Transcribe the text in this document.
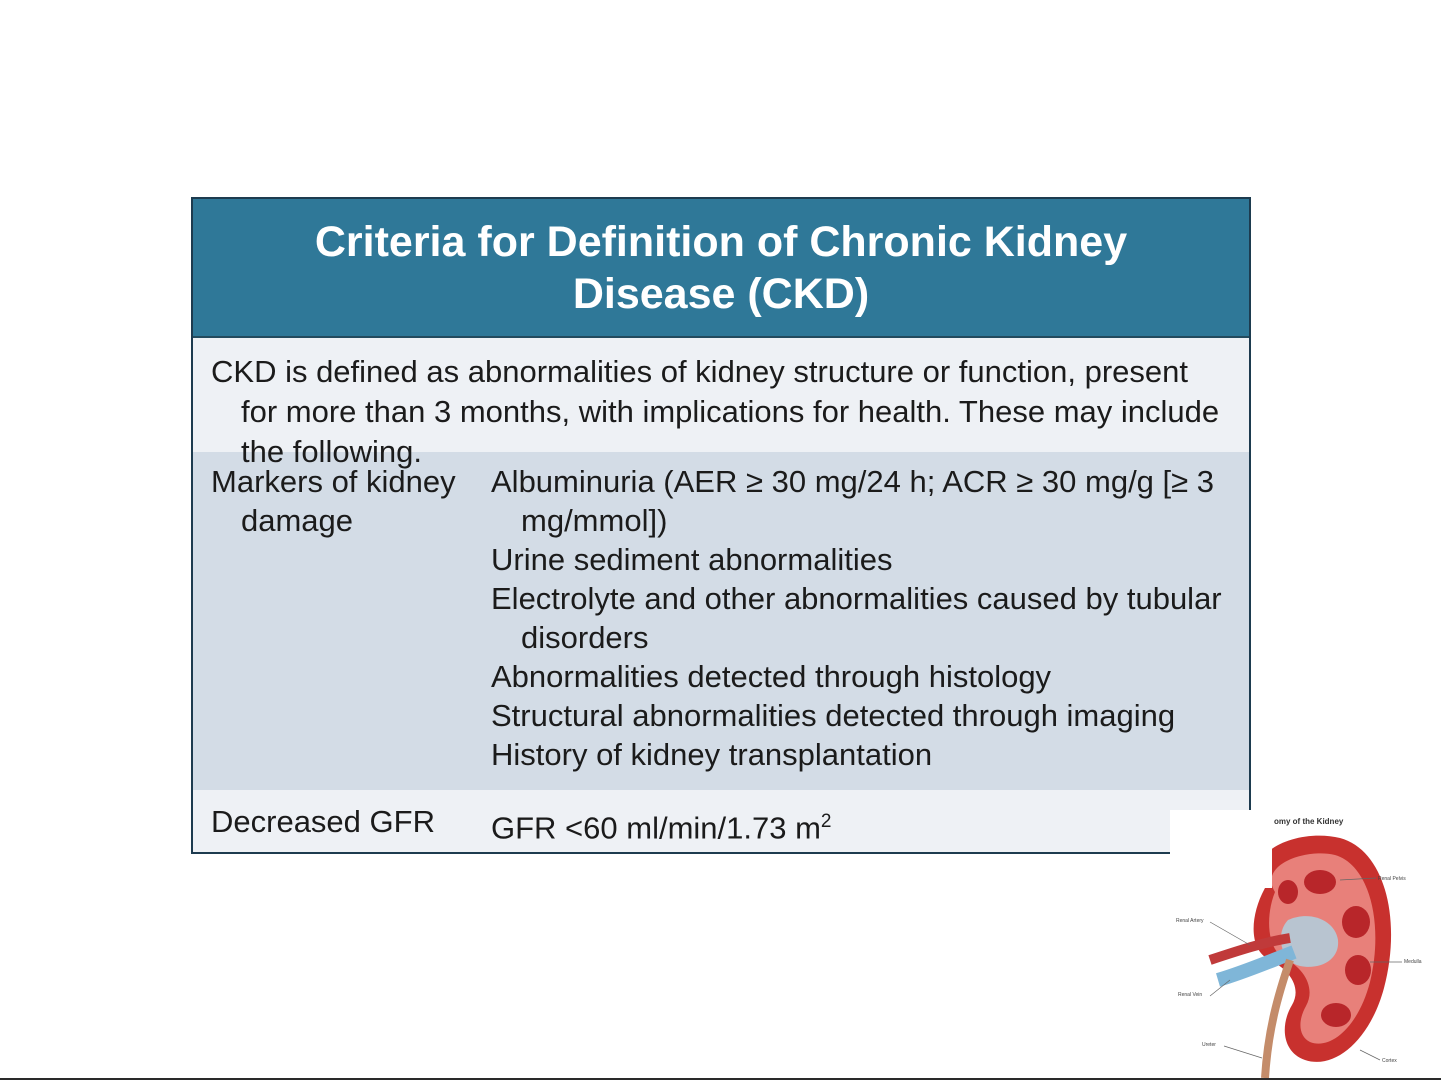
Criteria for Definition of Chronic Kidney Disease (CKD)

CKD is defined as abnormalities of kidney structure or function, present for more than 3 months, with implications for health. These may include the following.

Markers of kidney damage
Albuminuria (AER ≥ 30 mg/24 h; ACR ≥ 30 mg/g [≥ 3 mg/mmol])
Urine sediment abnormalities
Electrolyte and other abnormalities caused by tubular disorders
Abnormalities detected through histology
Structural abnormalities detected through imaging
History of kidney transplantation
Decreased GFR	GFR <60 ml/min/1.73 $m^2$	omy of the Kidney
Renal Pelvis
Renal Artery
Medulla
Renal Vein
Ureter
Cortex
